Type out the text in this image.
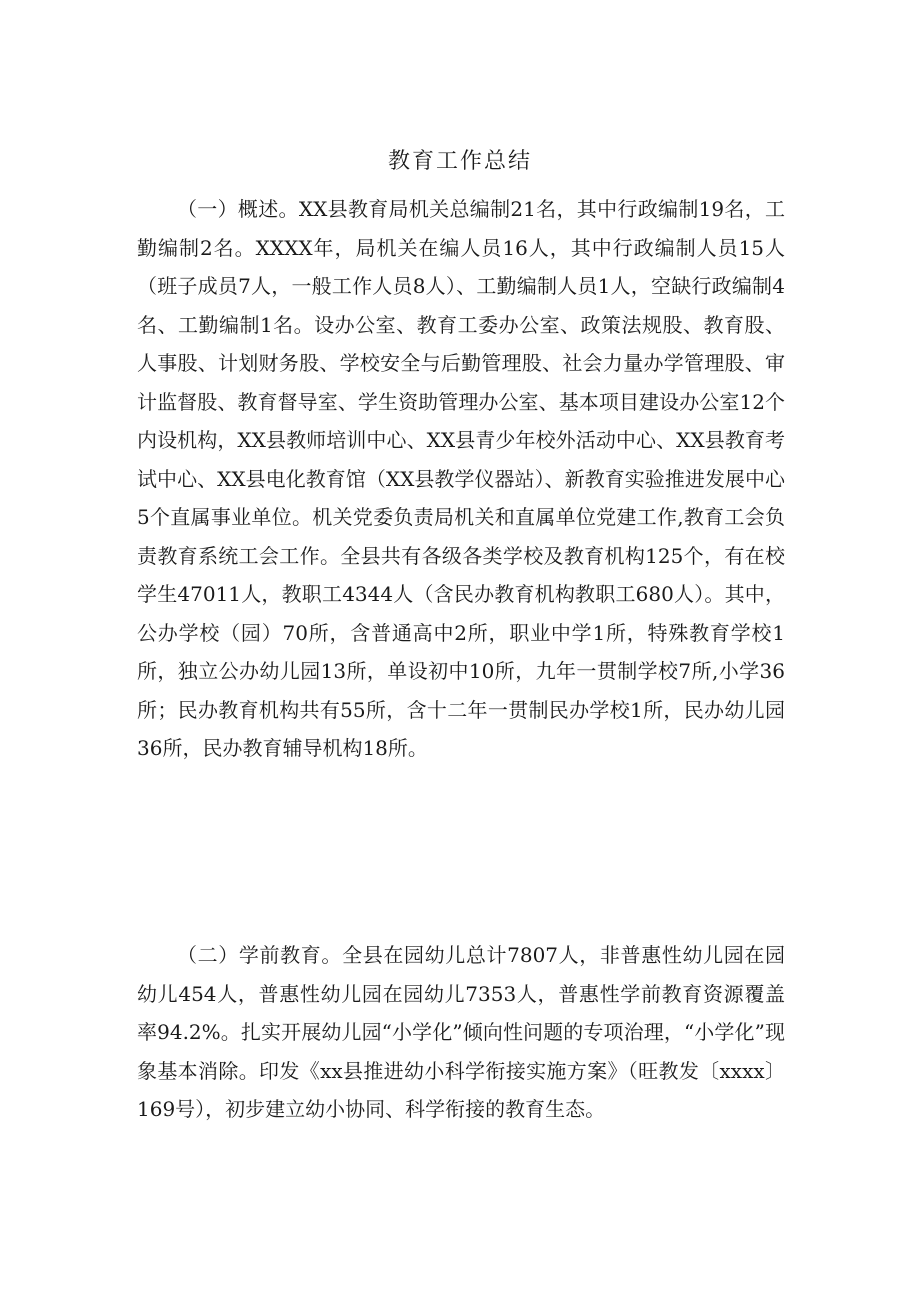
教育工作总结

（一）概述。XX县教育局机关总编制21名，其中行政编制19名，工勤编制2名。XXXX年，局机关在编人员16人，其中行政编制人员15人（班子成员7人，一般工作人员8人）、工勤编制人员1人，空缺行政编制4名、工勤编制1名。设办公室、教育工委办公室、政策法规股、教育股、人事股、计划财务股、学校安全与后勤管理股、社会力量办学管理股、审计监督股、教育督导室、学生资助管理办公室、基本项目建设办公室12个内设机构，XX县教师培训中心、XX县青少年校外活动中心、XX县教育考试中心、XX县电化教育馆（XX县教学仪器站）、新教育实验推进发展中心5个直属事业单位。机关党委负责局机关和直属单位党建工作,教育工会负责教育系统工会工作。全县共有各级各类学校及教育机构125个，有在校学生47011人，教职工4344人（含民办教育机构教职工680人）。其中，公办学校（园）70所，含普通高中2所，职业中学1所，特殊教育学校1所，独立公办幼儿园13所，单设初中10所，九年一贯制学校7所,小学36所；民办教育机构共有55所，含十二年一贯制民办学校1所，民办幼儿园36所，民办教育辅导机构18所。

（二）学前教育。全县在园幼儿总计7807人，非普惠性幼儿园在园幼儿454人，普惠性幼儿园在园幼儿7353人，普惠性学前教育资源覆盖率94.2%。扎实开展幼儿园“小学化”倾向性问题的专项治理，“小学化”现象基本消除。印发《xx县推进幼小科学衔接实施方案》（旺教发〔xxxx〕169号），初步建立幼小协同、科学衔接的教育生态。
